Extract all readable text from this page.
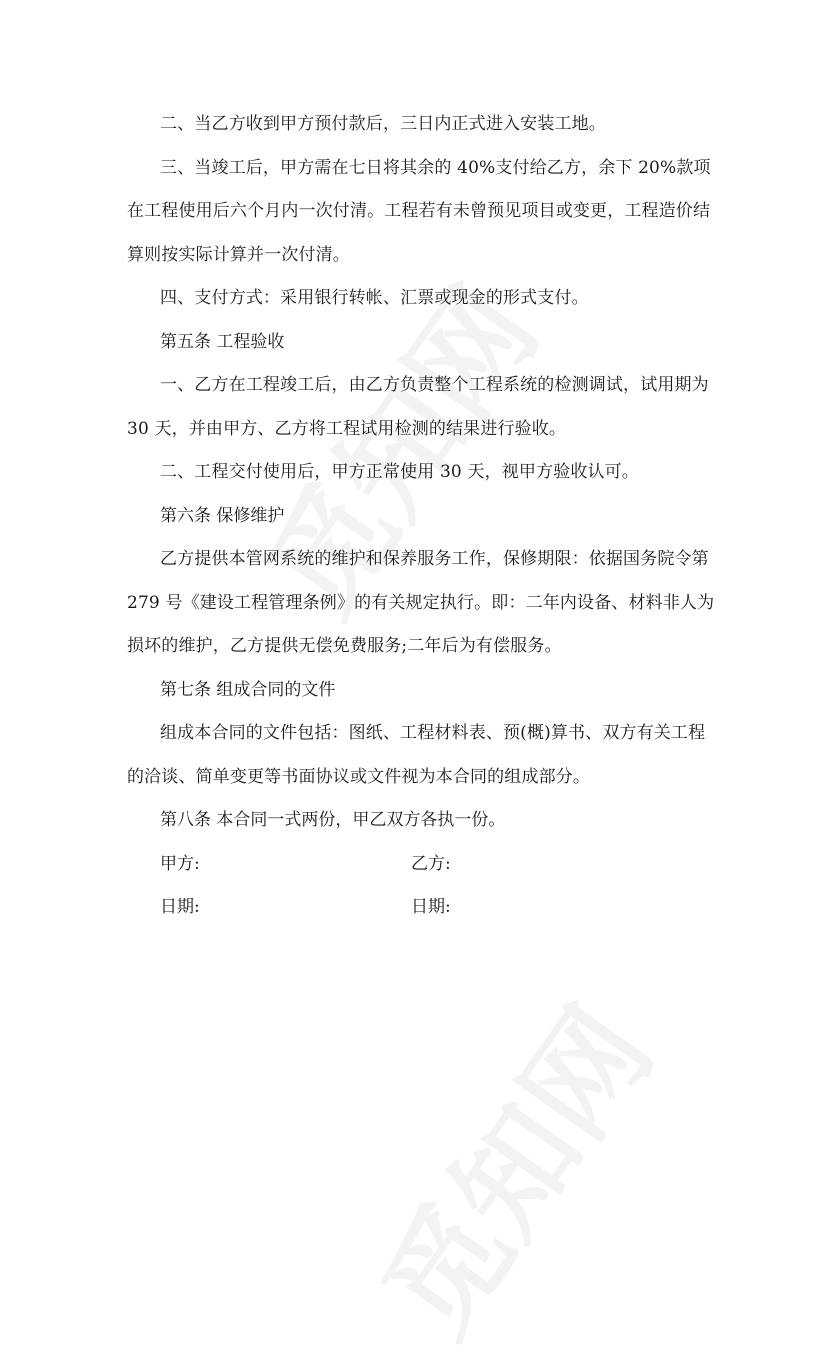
二、当乙方收到甲方预付款后，三日内正式进入安装工地。

三、当竣工后，甲方需在七日将其余的 40%支付给乙方，余下 20%款项在工程使用后六个月内一次付清。工程若有未曾预见项目或变更，工程造价结算则按实际计算并一次付清。

四、支付方式：采用银行转帐、汇票或现金的形式支付。

第五条 工程验收

一、乙方在工程竣工后，由乙方负责整个工程系统的检测调试，试用期为 30 天，并由甲方、乙方将工程试用检测的结果进行验收。

二、工程交付使用后，甲方正常使用 30 天，视甲方验收认可。

第六条 保修维护

乙方提供本管网系统的维护和保养服务工作，保修期限：依据国务院令第 279 号《建设工程管理条例》的有关规定执行。即：二年内设备、材料非人为损坏的维护，乙方提供无偿免费服务;二年后为有偿服务。

第七条 组成合同的文件

组成本合同的文件包括：图纸、工程材料表、预(概)算书、双方有关工程的洽谈、简单变更等书面协议或文件视为本合同的组成部分。

第八条 本合同一式两份，甲乙双方各执一份。

甲方:	乙方:
日期:	日期:
